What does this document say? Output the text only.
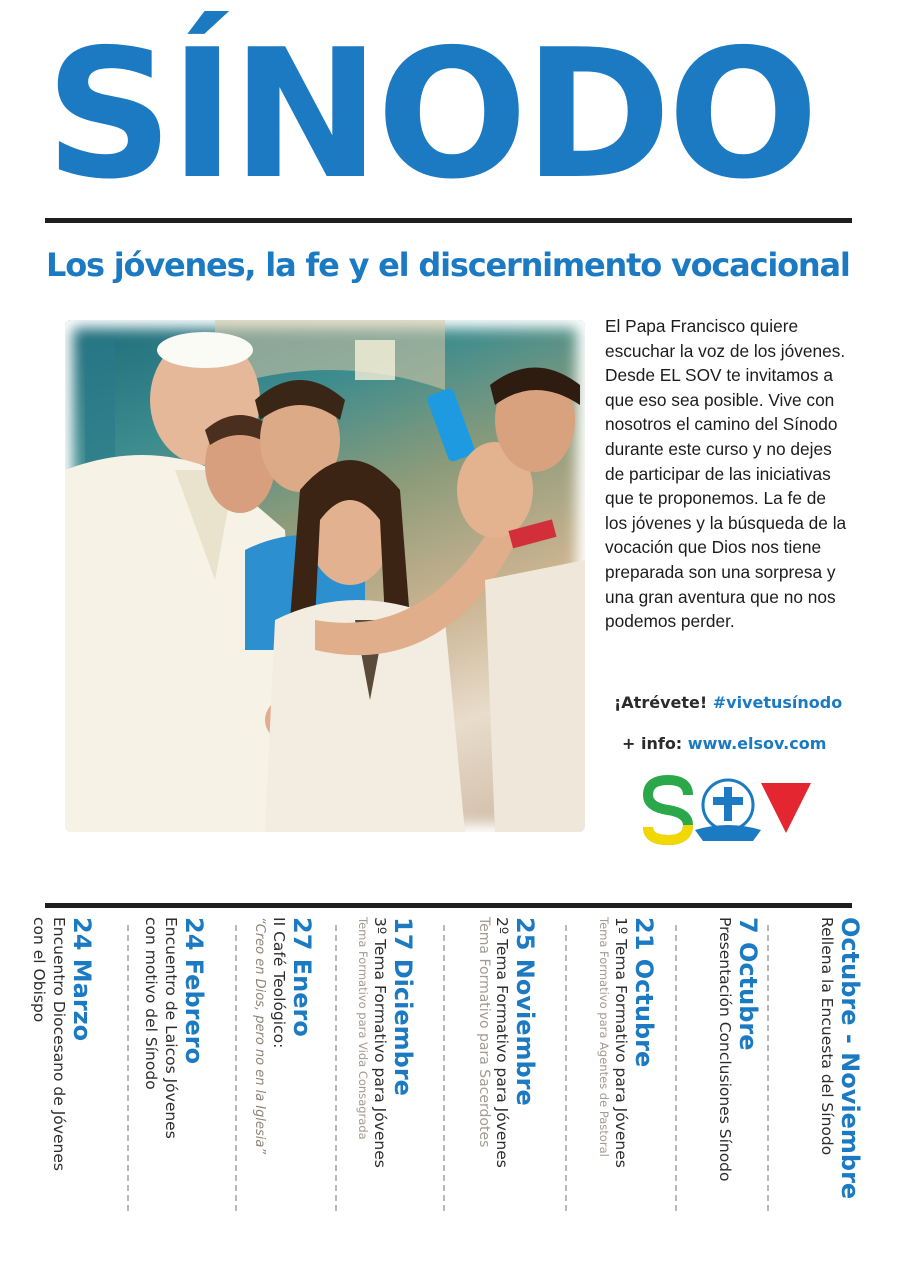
SÍNODO
Los jóvenes, la fe y el discernimento vocacional
El Papa Francisco quiere escuchar la voz de los jóvenes. Desde EL SOV te invitamos a que eso sea posible. Vive con nosotros el camino del Sínodo durante este curso y no dejes de participar de las iniciativas que te proponemos. La fe de los jóvenes y la búsqueda de la vocación que Dios nos tiene preparada son una sorpresa y una gran aventura que no nos podemos perder.
¡Atrévete! #vivetusínodo
+ info: www.elsov.com
Octubre - Noviembre
Rellena la Encuesta del Sínodo
7 Octubre
Presentación Conclusiones Sínodo
21 Octubre
1º Tema Formativo para Jóvenes
Tema Formativo para Agentes de Pastoral
25 Noviembre
2º Tema Formativo para Jóvenes
Tema Formativo para Sacerdotes
17 Diciembre
3º Tema Formativo para Jóvenes
Tema Formativo para Vida Consagrada
27 Enero
II Café Teológico:
“Creo en Dios, pero no en la Iglesia”
24 Febrero
Encuentro de Laicos Jóvenes
con motivo del Sínodo
24 Marzo
Encuentro Diocesano de Jóvenes
con el Obispo
